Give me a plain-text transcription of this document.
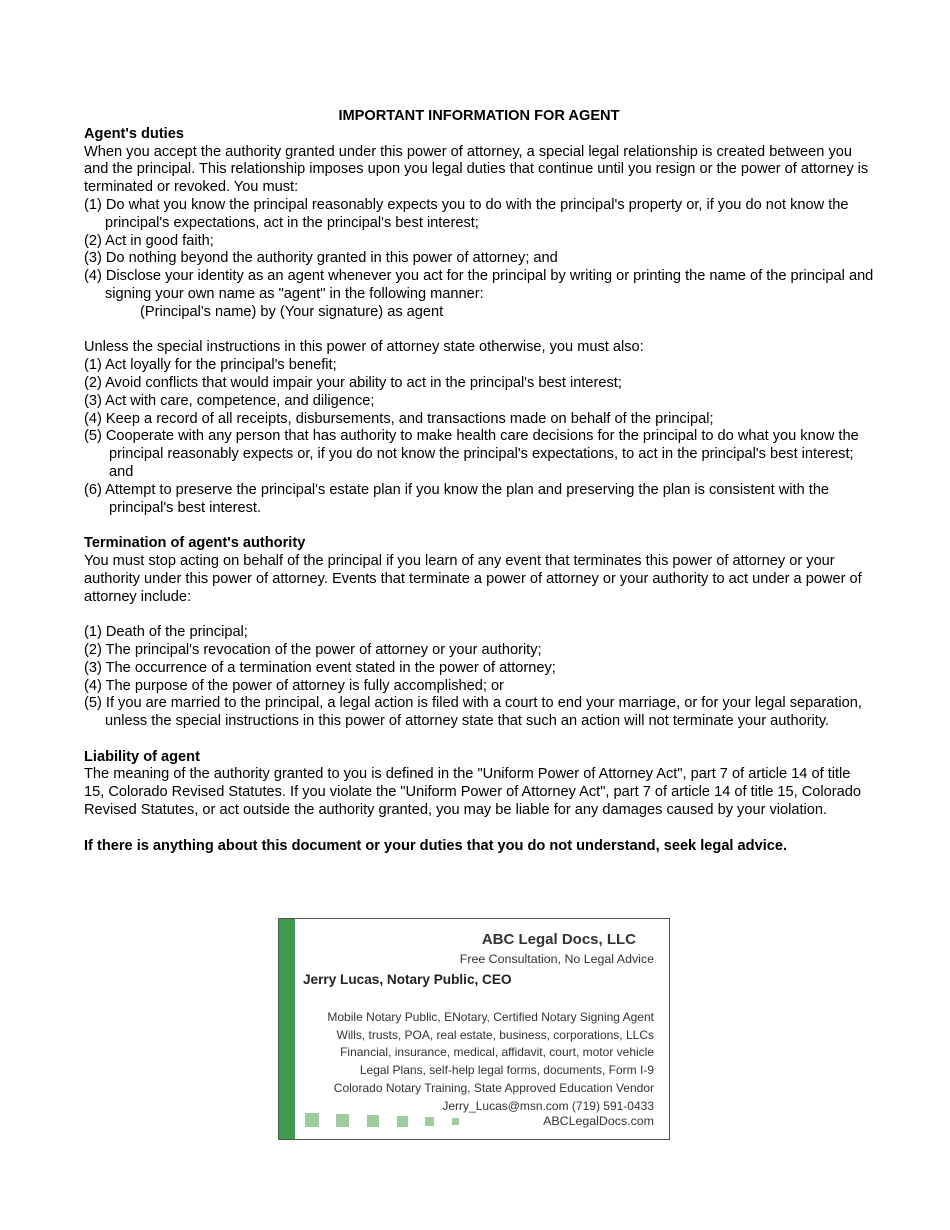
IMPORTANT INFORMATION FOR AGENT

Agent's duties

When you accept the authority granted under this power of attorney, a special legal relationship is created between you and the principal. This relationship imposes upon you legal duties that continue until you resign or the power of attorney is terminated or revoked. You must:

(1) Do what you know the principal reasonably expects you to do with the principal's property or, if you do not know the principal's expectations, act in the principal's best interest;

(2) Act in good faith;

(3) Do nothing beyond the authority granted in this power of attorney; and

(4) Disclose your identity as an agent whenever you act for the principal by writing or printing the name of the principal and signing your own name as "agent" in the following manner:

(Principal's name) by (Your signature) as agent

Unless the special instructions in this power of attorney state otherwise, you must also:

(1) Act loyally for the principal's benefit;

(2) Avoid conflicts that would impair your ability to act in the principal's best interest;

(3) Act with care, competence, and diligence;

(4) Keep a record of all receipts, disbursements, and transactions made on behalf of the principal;

(5) Cooperate with any person that has authority to make health care decisions for the principal to do what you know the principal reasonably expects or, if you do not know the principal's expectations, to act in the principal's best interest; and

(6) Attempt to preserve the principal's estate plan if you know the plan and preserving the plan is consistent with the principal's best interest.

Termination of agent's authority

You must stop acting on behalf of the principal if you learn of any event that terminates this power of attorney or your authority under this power of attorney. Events that terminate a power of attorney or your authority to act under a power of attorney include:

(1) Death of the principal;

(2) The principal's revocation of the power of attorney or your authority;

(3) The occurrence of a termination event stated in the power of attorney;

(4) The purpose of the power of attorney is fully accomplished; or

(5) If you are married to the principal, a legal action is filed with a court to end your marriage, or for your legal separation, unless the special instructions in this power of attorney state that such an action will not terminate your authority.

Liability of agent

The meaning of the authority granted to you is defined in the "Uniform Power of Attorney Act", part 7 of article 14 of title 15, Colorado Revised Statutes. If you violate the "Uniform Power of Attorney Act", part 7 of article 14 of title 15, Colorado Revised Statutes, or act outside the authority granted, you may be liable for any damages caused by your violation.

If there is anything about this document or your duties that you do not understand, seek legal advice.

ABC Legal Docs, LLC
Free Consultation, No Legal Advice
Jerry Lucas, Notary Public, CEO
Mobile Notary Public, ENotary, Certified Notary Signing Agent
Wills, trusts, POA, real estate, business, corporations, LLCs
Financial, insurance, medical, affidavit, court, motor vehicle
Legal Plans, self-help legal forms, documents, Form I-9
Colorado Notary Training, State Approved Education Vendor
Jerry_Lucas@msn.com (719) 591-0433
ABCLegalDocs.com
